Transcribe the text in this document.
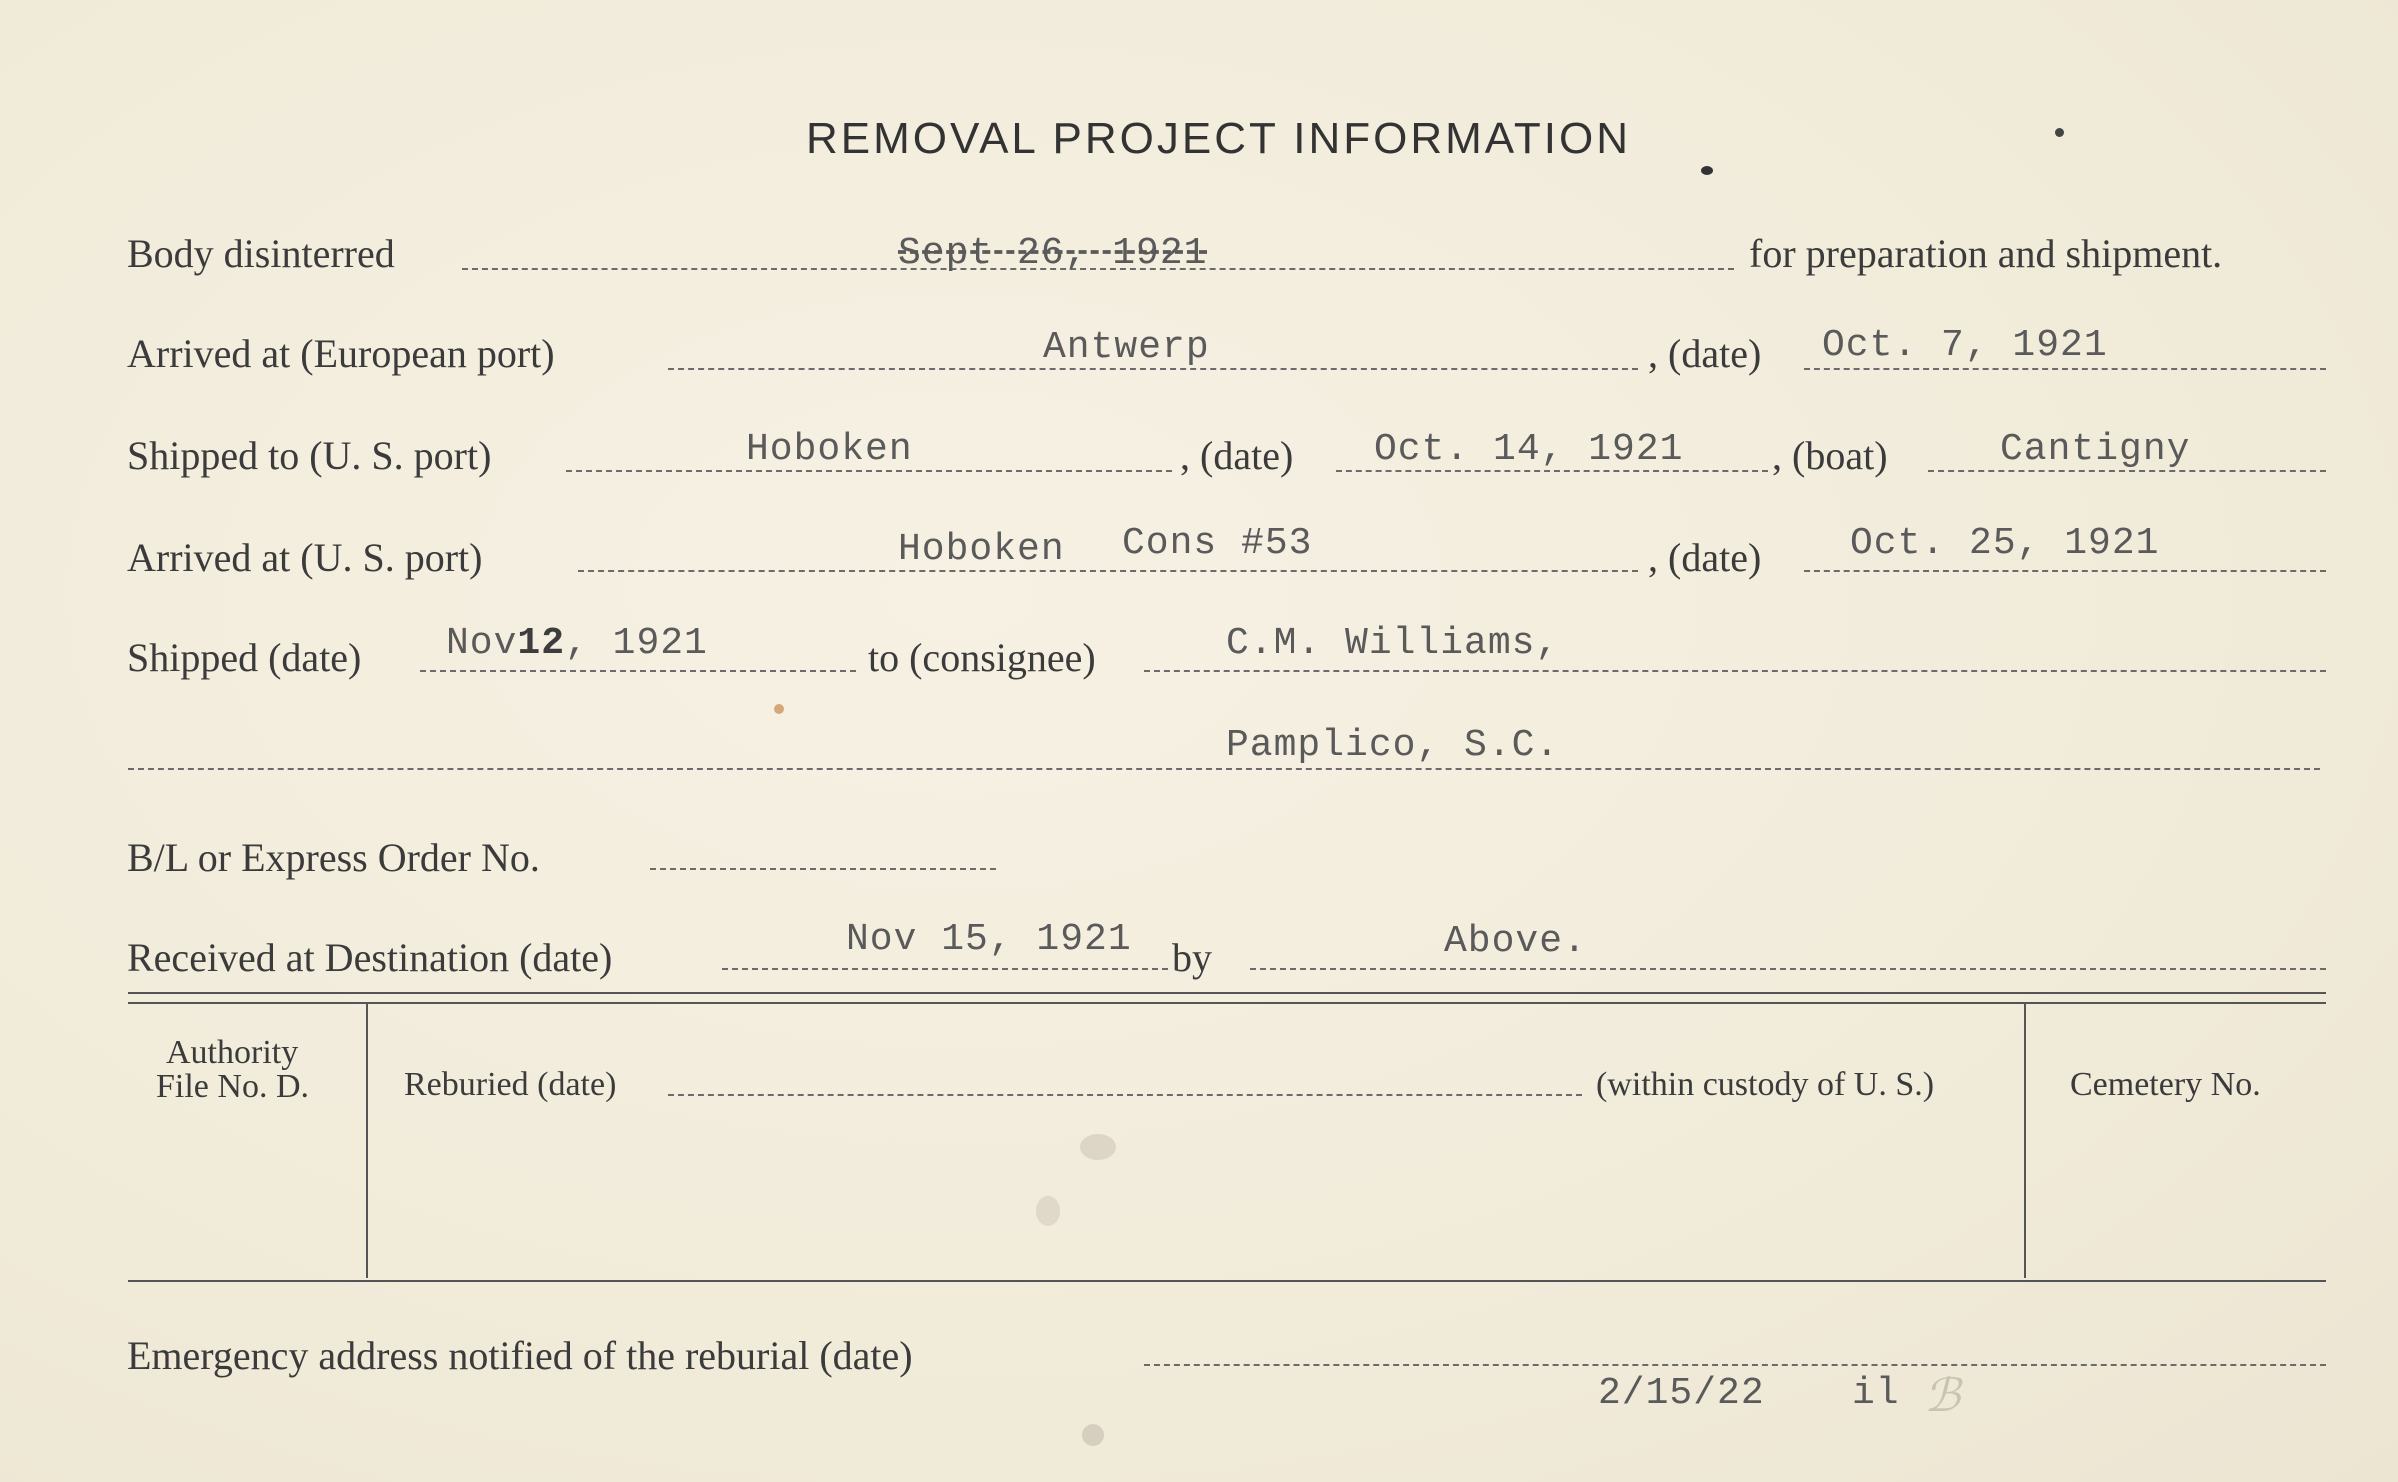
REMOVAL PROJECT INFORMATION
Body disinterred	Sept 26, 1921	for preparation and shipment.
Arrived at (European port)	Antwerp	, (date) Oct. 7, 1921
Shipped to (U. S. port)	Hoboken	, (date) Oct. 14, 1921 , (boat)	Cantigny
Arrived at (U. S. port)	Hoboken Cons #53	, (date) Oct. 25, 1921
Shipped (date) Nov12, 1921	to (consignee)	C.M. Williams,
Pamplico, S.C.
B/L or Express Order No.
Received at Destination (date)	Nov 15, 1921 by	Above.
Authority
File No. D.	Reburied (date)	(within custody of U. S.)	Cemetery No.
Emergency address notified of the reburial (date)
2/15/22 il ℬ
